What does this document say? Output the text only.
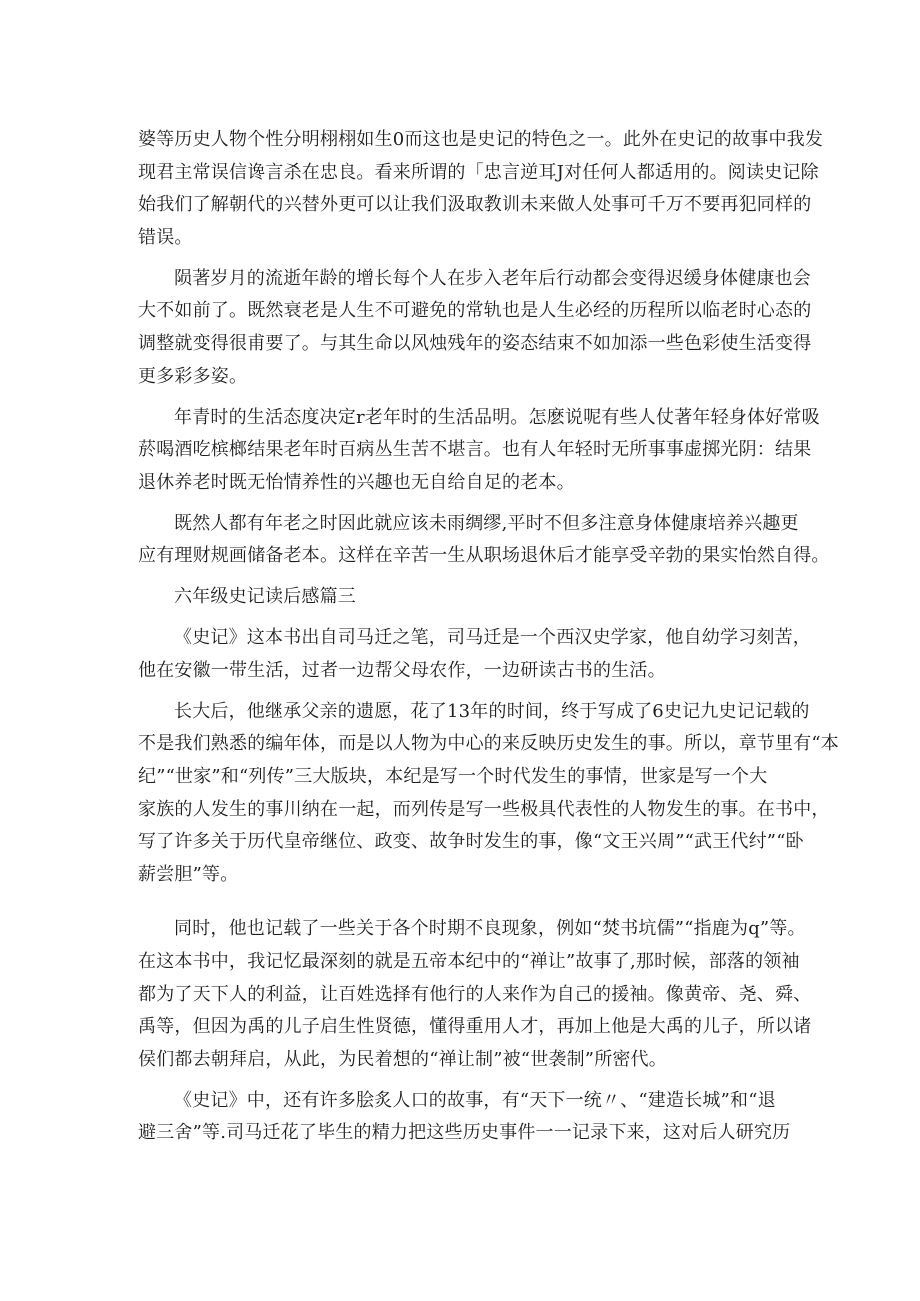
婆等历史人物个性分明栩栩如生0而这也是史记的特色之一。此外在史记的故事中我发
现君主常误信谗言杀在忠良。看来所谓的「忠言逆耳J对任何人都适用的。阅读史记除
始我们了解朝代的兴替外更可以让我们汲取教训未来做人处事可千万不要再犯同样的
错误。
陨著岁月的流逝年龄的增长每个人在步入老年后行动都会变得迟缓身体健康也会
大不如前了。既然衰老是人生不可避免的常轨也是人生必经的历程所以临老时心态的
调整就变得很甫要了。与其生命以风烛残年的姿态结束不如加添一些色彩使生活变得
更多彩多姿。
年青时的生活态度决定r老年时的生活品明。怎麽说呢有些人仗著年轻身体好常吸
菸喝酒吃槟榔结果老年时百病丛生苦不堪言。也有人年轻时无所事事虚掷光阴：结果
退休养老时既无怡情养性的兴趣也无自给自足的老本。
既然人都有年老之时因此就应该未雨绸缪,平时不但多注意身体健康培养兴趣更
应有理财规画储备老本。这样在辛苦一生从职场退休后才能享受辛勃的果实怡然自得。
六年级史记读后感篇三
《史记》这本书出自司马迁之笔，司马迁是一个西汉史学家，他自幼学习刻苦，
他在安徽一带生活，过者一边帮父母农作，一边研读古书的生活。
长大后，他继承父亲的遗愿，花了13年的时间，终于写成了6史记九史记记载的
不是我们熟悉的编年体，而是以人物为中心的来反映历史发生的事。所以，章节里有“本
纪”“世家”和“列传”三大版块，本纪是写一个时代发生的事情，世家是写一个大
家族的人发生的事川纳在一起，而列传是写一些极具代表性的人物发生的事。在书中，
写了许多关于历代皇帝继位、政变、故争时发生的事，像“文王兴周”“武王代纣”“卧
薪尝胆”等。
同时，他也记载了一些关于各个时期不良现象，例如“焚书坑儒”“指鹿为q”等。
在这本书中，我记忆最深刻的就是五帝本纪中的“禅让”故事了,那时候，部落的领袖
都为了天下人的利益，让百姓选择有他行的人来作为自己的援袖。像黄帝、尧、舜、
禹等，但因为禹的儿子启生性贤德，懂得重用人才，再加上他是大禹的儿子，所以诸
侯们都去朝拜启，从此，为民着想的“禅让制”被“世袭制”所密代。
《史记》中，还有许多脍炙人口的故事，有“天下一统〃、“建造长城”和“退
避三舍”等.司马迁花了毕生的精力把这些历史事件一一记录下来，这对后人研究历
